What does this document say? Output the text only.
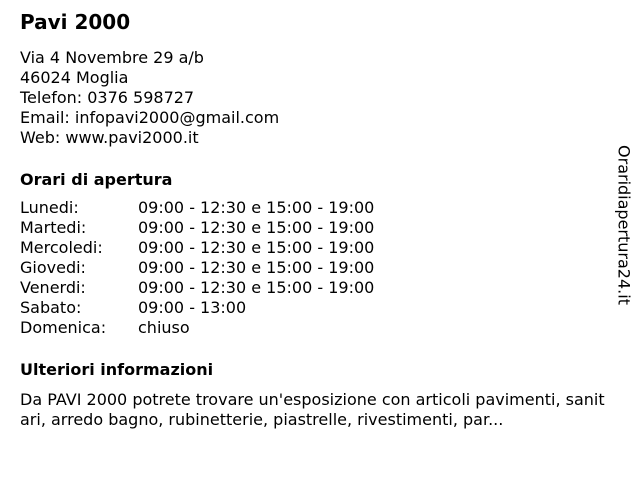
Pavi 2000
Via 4 Novembre 29 a/b
46024 Moglia
Telefon: 0376 598727
Email: infopavi2000@gmail.com
Web: www.pavi2000.it
Orari di apertura
Lunedi:	09:00 - 12:30 e 15:00 - 19:00
Martedi:	09:00 - 12:30 e 15:00 - 19:00
Mercoledi:	09:00 - 12:30 e 15:00 - 19:00
Giovedi:	09:00 - 12:30 e 15:00 - 19:00
Venerdi:	09:00 - 12:30 e 15:00 - 19:00
Sabato:	09:00 - 13:00
Domenica:	chiuso
Ulteriori informazioni
Da PAVI 2000 potrete trovare un'esposizione con articoli pavimenti, sanitari, arredo bagno, rubinetterie, piastrelle, rivestimenti, par...
Oraridiapertura24.it
